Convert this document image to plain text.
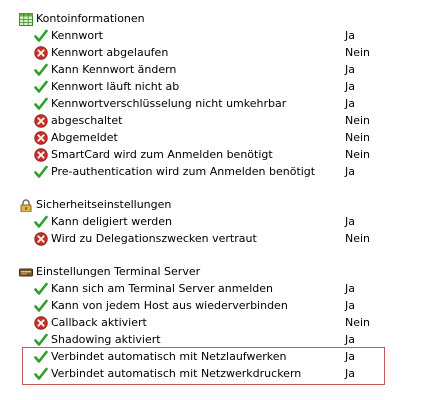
Kontoinformationen
Kennwort	Ja
Kennwort abgelaufen	Nein
Kann Kennwort ändern	Ja
Kennwort läuft nicht ab	Ja
Kennwortverschlüsselung nicht umkehrbar	Ja
abgeschaltet	Nein
Abgemeldet	Nein
SmartCard wird zum Anmelden benötigt	Nein
Pre-authentication wird zum Anmelden benötigt	Ja
Sicherheitseinstellungen
Kann deligiert werden	Ja
Wird zu Delegationszwecken vertraut	Nein
Einstellungen Terminal Server
Kann sich am Terminal Server anmelden	Ja
Kann von jedem Host aus wiederverbinden	Ja
Callback aktiviert	Nein
Shadowing aktiviert	Ja
Verbindet automatisch mit Netzlaufwerken	Ja
Verbindet automatisch mit Netzwerkdruckern	Ja
